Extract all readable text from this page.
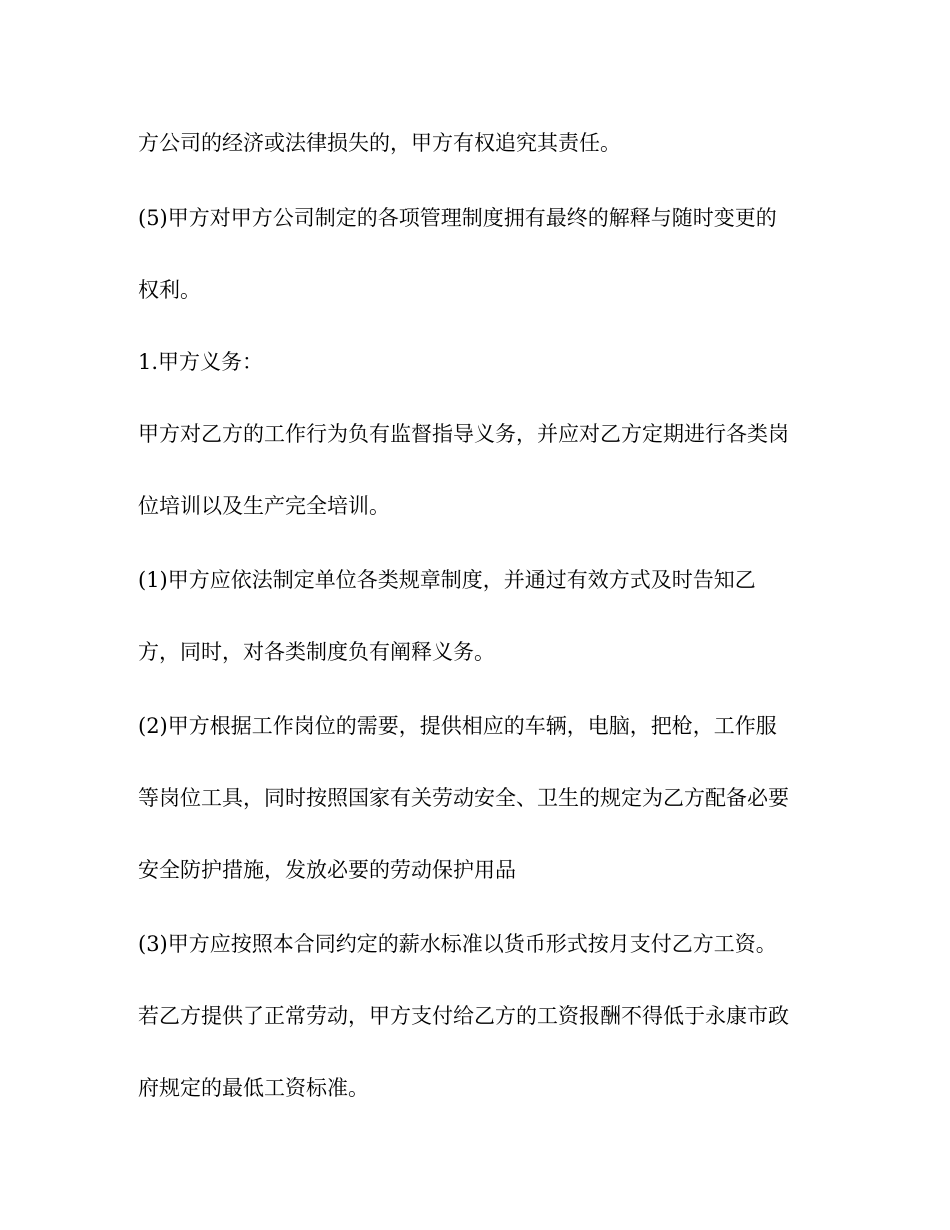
方公司的经济或法律损失的，甲方有权追究其责任。
(5)甲方对甲方公司制定的各项管理制度拥有最终的解释与随时变更的
权利。
1.甲方义务：
甲方对乙方的工作行为负有监督指导义务，并应对乙方定期进行各类岗
位培训以及生产完全培训。
(1)甲方应依法制定单位各类规章制度，并通过有效方式及时告知乙
方，同时，对各类制度负有阐释义务。
(2)甲方根据工作岗位的需要，提供相应的车辆，电脑，把枪，工作服
等岗位工具，同时按照国家有关劳动安全、卫生的规定为乙方配备必要
安全防护措施，发放必要的劳动保护用品
(3)甲方应按照本合同约定的薪水标准以货币形式按月支付乙方工资。
若乙方提供了正常劳动，甲方支付给乙方的工资报酬不得低于永康市政
府规定的最低工资标准。
